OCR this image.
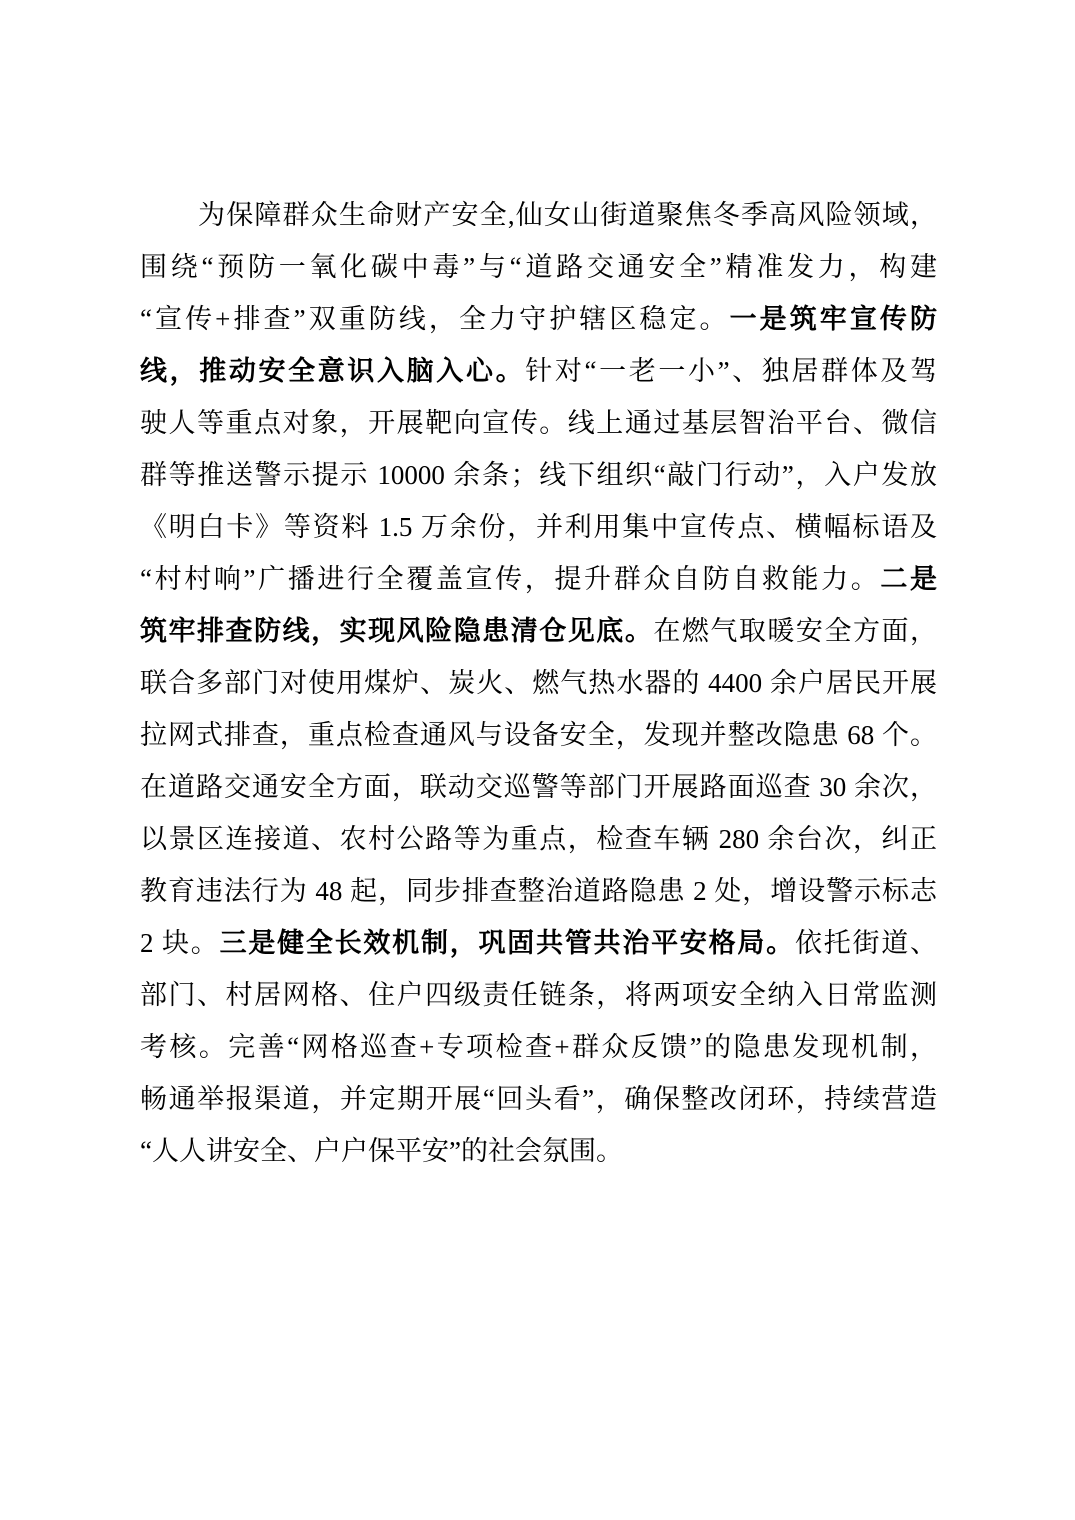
为保障群众生命财产安全,仙女山街道聚焦冬季高风险领域，
围绕“预防一氧化碳中毒”与“道路交通安全”精准发力，构建
“宣传+排查”双重防线，全力守护辖区稳定。一是筑牢宣传防
线，推动安全意识入脑入心。针对“一老一小”、独居群体及驾
驶人等重点对象，开展靶向宣传。线上通过基层智治平台、微信
群等推送警示提示 10000 余条；线下组织“敲门行动”，入户发放
《明白卡》等资料 1.5 万余份，并利用集中宣传点、横幅标语及
“村村响”广播进行全覆盖宣传，提升群众自防自救能力。二是
筑牢排查防线，实现风险隐患清仓见底。在燃气取暖安全方面，
联合多部门对使用煤炉、炭火、燃气热水器的 4400 余户居民开展
拉网式排查，重点检查通风与设备安全，发现并整改隐患 68 个。
在道路交通安全方面，联动交巡警等部门开展路面巡查 30 余次，
以景区连接道、农村公路等为重点，检查车辆 280 余台次，纠正
教育违法行为 48 起，同步排查整治道路隐患 2 处，增设警示标志
2 块。三是健全长效机制，巩固共管共治平安格局。依托街道、
部门、村居网格、住户四级责任链条，将两项安全纳入日常监测
考核。完善“网格巡查+专项检查+群众反馈”的隐患发现机制，
畅通举报渠道，并定期开展“回头看”，确保整改闭环，持续营造
“人人讲安全、户户保平安”的社会氛围。
